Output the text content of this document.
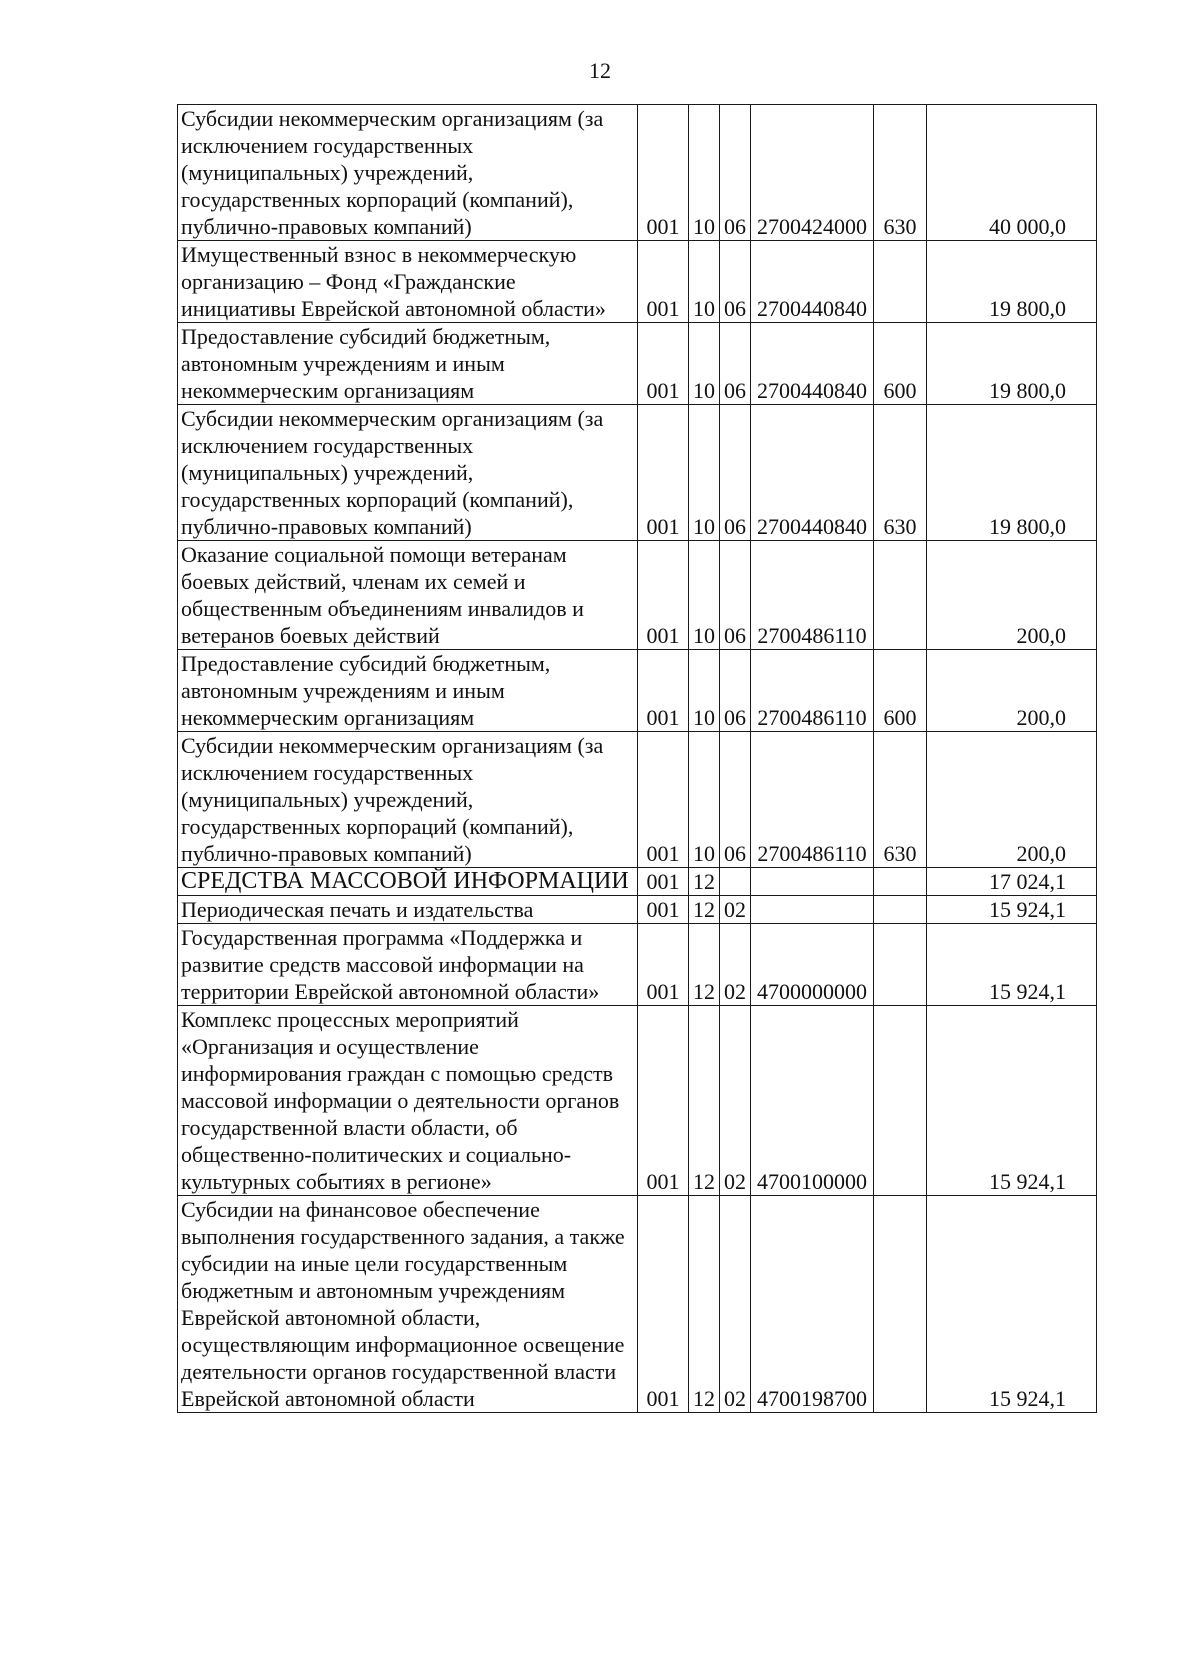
12
Субсидии некоммерческим организациям (за исключением государственных (муниципальных) учреждений, государственных корпораций (компаний), публично-правовых компаний)	001	10	06	2700424000	630	40 000,0
Имущественный взнос в некоммерческую организацию – Фонд «Гражданские инициативы Еврейской автономной области»	001	10	06	2700440840		19 800,0
Предоставление субсидий бюджетным, автономным учреждениям и иным некоммерческим организациям	001	10	06	2700440840	600	19 800,0
Субсидии некоммерческим организациям (за исключением государственных (муниципальных) учреждений, государственных корпораций (компаний), публично-правовых компаний)	001	10	06	2700440840	630	19 800,0
Оказание социальной помощи ветеранам боевых действий, членам их семей и общественным объединениям инвалидов и ветеранов боевых действий	001	10	06	2700486110		200,0
Предоставление субсидий бюджетным, автономным учреждениям и иным некоммерческим организациям	001	10	06	2700486110	600	200,0
Субсидии некоммерческим организациям (за исключением государственных (муниципальных) учреждений, государственных корпораций (компаний), публично-правовых компаний)	001	10	06	2700486110	630	200,0
СРЕДСТВА МАССОВОЙ ИНФОРМАЦИИ	001	12				17 024,1
Периодическая печать и издательства	001	12	02			15 924,1
Государственная программа «Поддержка и развитие средств массовой информации на территории Еврейской автономной области»	001	12	02	4700000000		15 924,1
Комплекс процессных мероприятий «Организация и осуществление информирования граждан с помощью средств массовой информации о деятельности органов государственной власти области, об общественно-политических и социально-культурных событиях в регионе»	001	12	02	4700100000		15 924,1
Субсидии на финансовое обеспечение выполнения государственного задания, а также субсидии на иные цели государственным бюджетным и автономным учреждениям Еврейской автономной области, осуществляющим информационное освещение деятельности органов государственной власти Еврейской автономной области	001	12	02	4700198700		15 924,1
